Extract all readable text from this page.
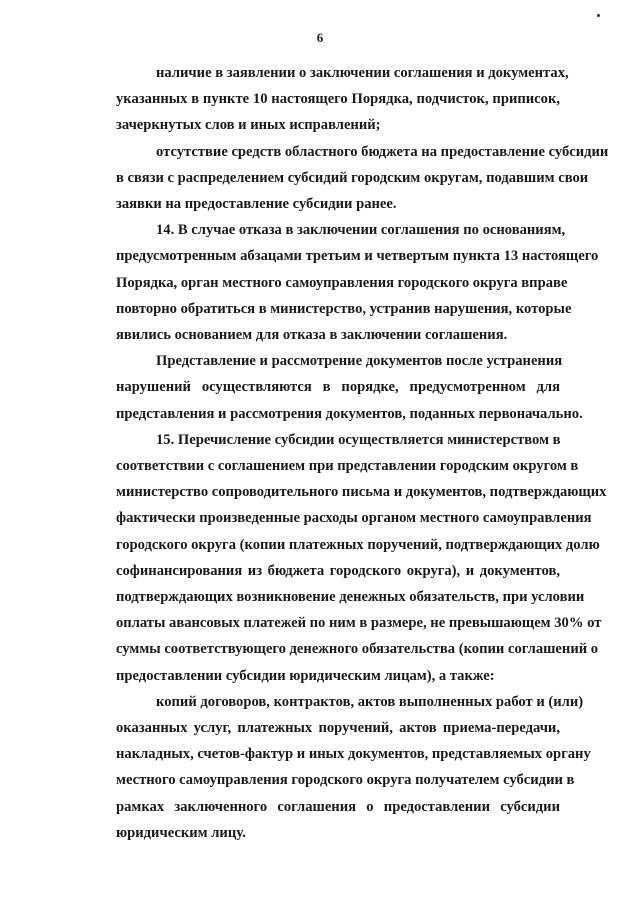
6
наличие в заявлении о заключении соглашения и документах,
указанных в пункте 10 настоящего Порядка, подчисток, приписок,
зачеркнутых слов и иных исправлений;
отсутствие средств областного бюджета на предоставление субсидии
в связи с распределением субсидий городским округам, подавшим свои
заявки на предоставление субсидии ранее.
14. В случае отказа в заключении соглашения по основаниям,
предусмотренным абзацами третьим и четвертым пункта 13 настоящего
Порядка, орган местного самоуправления городского округа вправе
повторно обратиться в министерство, устранив нарушения, которые
явились основанием для отказа в заключении соглашения.
Представление и рассмотрение документов после устранения
нарушений осуществляются в порядке, предусмотренном для
представления и рассмотрения документов, поданных первоначально.
15. Перечисление субсидии осуществляется министерством в
соответствии с соглашением при представлении городским округом в
министерство сопроводительного письма и документов, подтверждающих
фактически произведенные расходы органом местного самоуправления
городского округа (копии платежных поручений, подтверждающих долю
софинансирования из бюджета городского округа), и документов,
подтверждающих возникновение денежных обязательств, при условии
оплаты авансовых платежей по ним в размере, не превышающем 30% от
суммы соответствующего денежного обязательства (копии соглашений о
предоставлении субсидии юридическим лицам), а также:
копий договоров, контрактов, актов выполненных работ и (или)
оказанных услуг, платежных поручений, актов приема-передачи,
накладных, счетов-фактур и иных документов, представляемых органу
местного самоуправления городского округа получателем субсидии в
рамках заключенного соглашения о предоставлении субсидии
юридическим лицу.
